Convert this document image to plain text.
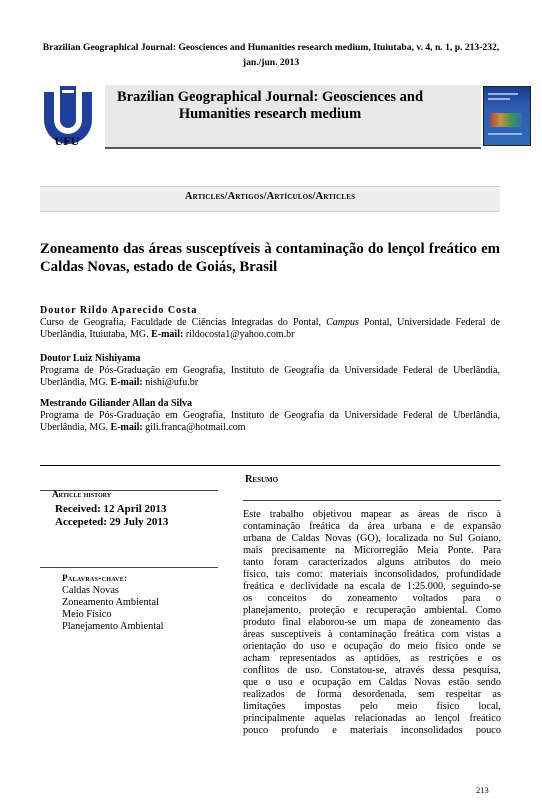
Brazilian Geographical Journal: Geosciences and Humanities research medium, Ituiutaba, v. 4, n. 1, p. 213-232, jan./jun. 2013
UFU
Brazilian Geographical Journal: Geosciences and Humanities research medium
Articles/Artigos/Artículos/Articles
Zoneamento das áreas susceptíveis à contaminação do lençol freático em Caldas Novas, estado de Goiás, Brasil
Doutor Rildo Aparecido Costa
Curso de Geografia, Faculdade de Ciências Integradas do Pontal, Campus Pontal, Universidade Federal de Uberlândia, Ituiutaba, MG. E-mail: rildocosta1@yahoo.com.br
Doutor Luiz Nishiyama
Programa de Pós-Graduação em Geografia, Instituto de Geografia da Universidade Federal de Uberlândia, Uberlândia, MG. E-mail: nishi@ufu.br
Mestrando Giliander Allan da Silva
Programa de Pós-Graduação em Geografia, Instituto de Geografia da Universidade Federal de Uberlândia, Uberlândia, MG. E-mail: gili.franca@hotmail.com
Article history
Received: 12 April 2013
Accepeted: 29 July 2013
Palavras-chave:
Caldas Novas
Zoneamento Ambiental
Meio Físico
Planejamento Ambiental
Resumo
Este trabalho objetivou mapear as áreas de risco à
contaminação freática da área urbana e de expansão
urbana de Caldas Novas (GO), localizada no Sul Goiano,
mais precisamente na Microrregião Meia Ponte. Para
tanto foram caracterizados alguns atributos do meio
físico, tais como: materiais inconsolidados, profundidade
freática e declividade na escala de 1:25.000, seguindo-se
os conceitos do zoneamento voltados para o
planejamento, proteção e recuperação ambiental. Como
produto final elaborou-se um mapa de zoneamento das
áreas susceptíveis à contaminação freática com vistas a
orientação do uso e ocupação do meio físico onde se
acham representados as aptidões, as restrições e os
conflitos de uso. Constatou-se, através dessa pesquisa,
que o uso e ocupação em Caldas Novas estão sendo
realizados de forma desordenada, sem respeitar as
limitações impostas pelo meio físico local,
principalmente aquelas relacionadas ao lençol freático
pouco profundo e materiais inconsolidados pouco
213
